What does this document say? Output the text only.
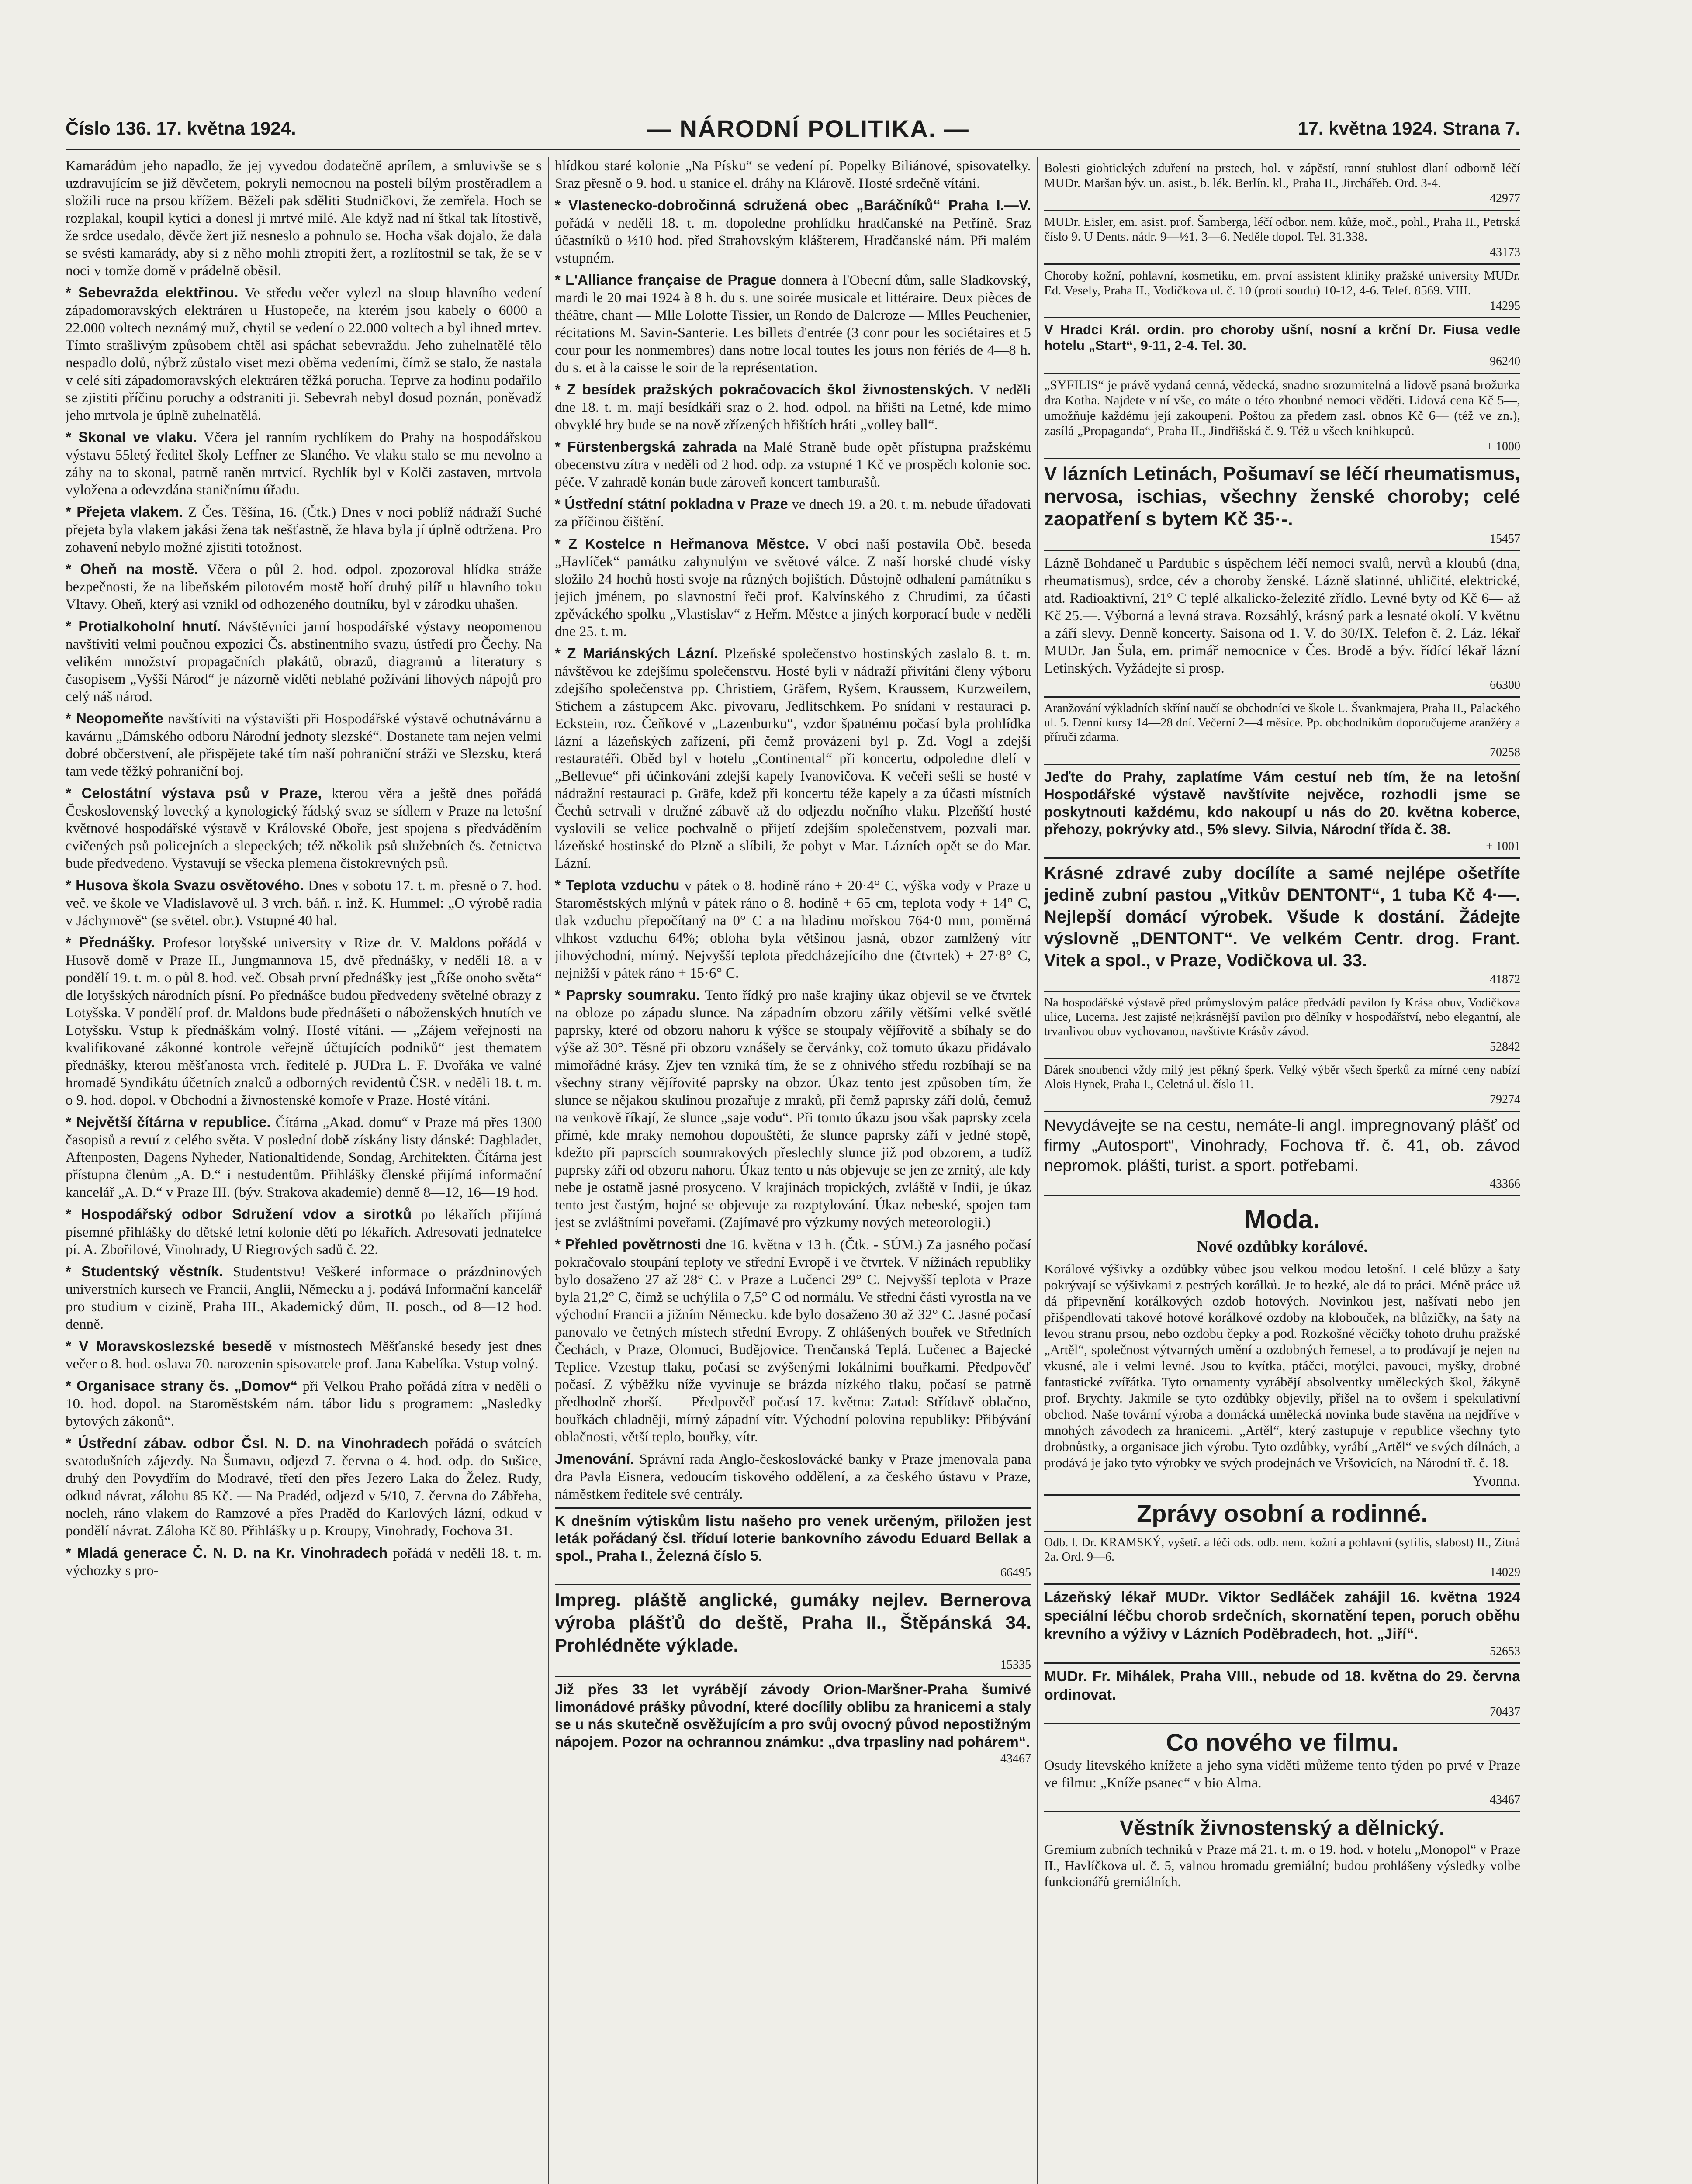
Číslo 136. 17. května 1924.	— NÁRODNÍ POLITIKA. —	17. května 1924. Strana 7.

Kamarádům jeho napadlo, že jej vyvedou dodatečně aprílem, a smluvivše se s uzdravujícím se již děvčetem, pokryli nemocnou na posteli bílým prostěradlem a složili ruce na prsou křížem. Běželi pak sděliti Studničkovi, že zemřela. Hoch se rozplakal, koupil kytici a donesl ji mrtvé milé. Ale když nad ní štkal tak lítostivě, že srdce usedalo, děvče žert již nesneslo a pohnulo se. Hocha však dojalo, že dala se svésti kamarády, aby si z něho mohli ztropiti žert, a rozlítostnil se tak, že se v noci v tomže domě v prádelně oběsil.

* Sebevražda elektřinou. Ve středu večer vylezl na sloup hlavního vedení západomoravských elektráren u Hustopeče, na kterém jsou kabely o 6000 a 22.000 voltech neznámý muž, chytil se vedení o 22.000 voltech a byl ihned mrtev. Tímto strašlivým způsobem chtěl asi spáchat sebevraždu. Jeho zuhelnatělé tělo nespadlo dolů, nýbrž zůstalo viset mezi oběma vedeními, čímž se stalo, že nastala v celé síti západomoravských elektráren těžká porucha. Teprve za hodinu podařilo se zjistiti příčinu poruchy a odstraniti ji. Sebevrah nebyl dosud poznán, poněvadž jeho mrtvola je úplně zuhelnatělá.

* Skonal ve vlaku. Včera jel ranním rychlíkem do Prahy na hospodářskou výstavu 55letý ředitel školy Leffner ze Slaného. Ve vlaku stalo se mu nevolno a záhy na to skonal, patrně raněn mrtvicí. Rychlík byl v Kolči zastaven, mrtvola vyložena a odevzdána staničnímu úřadu.

* Přejeta vlakem. Z Čes. Těšína, 16. (Čtk.) Dnes v noci poblíž nádraží Suché přejeta byla vlakem jakási žena tak nešťastně, že hlava byla jí úplně odtržena. Pro zohavení nebylo možné zjistiti totožnost.

* Oheň na mostě. Včera o půl 2. hod. odpol. zpozoroval hlídka stráže bezpečnosti, že na libeňském pilotovém mostě hoří druhý pilíř u hlavního toku Vltavy. Oheň, který asi vznikl od odhozeného doutníku, byl v zárodku uhašen.

* Protialkoholní hnutí. Návštěvníci jarní hospodářské výstavy neopomenou navštíviti velmi poučnou expozici Čs. abstinentního svazu, ústředí pro Čechy. Na velikém množství propagačních plakátů, obrazů, diagramů a literatury s časopisem „Vyšší Národ“ je názorně viděti neblahé požívání lihových nápojů pro celý náš národ.

* Neopomeňte navštíviti na výstavišti při Hospodářské výstavě ochutnávárnu a kavárnu „Dámského odboru Národní jednoty slezské“. Dostanete tam nejen velmi dobré občerstvení, ale přispějete také tím naší pohraniční stráži ve Slezsku, která tam vede těžký pohraniční boj.

* Celostátní výstava psů v Praze, kterou věra a ještě dnes pořádá Československý lovecký a kynologický řádský svaz se sídlem v Praze na letošní květnové hospodářské výstavě v Královské Oboře, jest spojena s předváděním cvičených psů policejních a slepeckých; též několik psů služebních čs. četnictva bude předvedeno. Vystavují se všecka plemena čistokrevných psů.

* Husova škola Svazu osvětového. Dnes v sobotu 17. t. m. přesně o 7. hod. več. ve škole ve Vladislavově ul. 3 vrch. báň. r. inž. K. Hummel: „O výrobě radia v Jáchymově“ (se světel. obr.). Vstupné 40 hal.

* Přednášky. Profesor lotyšské university v Rize dr. V. Maldons pořádá v Husově domě v Praze II., Jungmannova 15, dvě přednášky, v neděli 18. a v pondělí 19. t. m. o půl 8. hod. več. Obsah první přednášky jest „Říše onoho světa“ dle lotyšských národních písní. Po přednášce budou předvedeny světelné obrazy z Lotyšska. V pondělí prof. dr. Maldons bude přednášeti o náboženských hnutích ve Lotyšsku. Vstup k přednáškám volný. Hosté vítáni. — „Zájem veřejnosti na kvalifikované zákonné kontrole veřejně účtujících podniků“ jest thematem přednášky, kterou měšťanosta vrch. ředitelé p. JUDra L. F. Dvořáka ve valné hromadě Syndikátu účetních znalců a odborných revidentů ČSR. v neděli 18. t. m. o 9. hod. dopol. v Obchodní a živnostenské komoře v Praze. Hosté vítáni.

* Největší čítárna v republice. Čítárna „Akad. domu“ v Praze má přes 1300 časopisů a revuí z celého světa. V poslední době získány listy dánské: Dagbladet, Aftenposten, Dagens Nyheder, Nationaltidende, Sondag, Architekten. Čítárna jest přístupna členům „A. D.“ i nestudentům. Přihlášky členské přijímá informační kancelář „A. D.“ v Praze III. (býv. Strakova akademie) denně 8—12, 16—19 hod.

* Hospodářský odbor Sdružení vdov a sirotků po lékařích přijímá písemné přihlášky do dětské letní kolonie dětí po lékařích. Adresovati jednatelce pí. A. Zbořilové, Vinohrady, U Riegrových sadů č. 22.

* Studentský věstník. Studentstvu! Veškeré informace o prázdninových universtních kursech ve Francii, Anglii, Německu a j. podává Informační kancelář pro studium v cizině, Praha III., Akademický dům, II. posch., od 8—12 hod. denně.

* V Moravskoslezské besedě v místnostech Měšťanské besedy jest dnes večer o 8. hod. oslava 70. narozenin spisovatele prof. Jana Kabelíka. Vstup volný.

* Organisace strany čs. „Domov“ při Velkou Praho pořádá zítra v neděli o 10. hod. dopol. na Staroměstském nám. tábor lidu s programem: „Nasledky bytových zákonů“.

* Ústřední zábav. odbor Čsl. N. D. na Vinohradech pořádá o svátcích svatodušních zájezdy. Na Šumavu, odjezd 7. června o 4. hod. odp. do Sušice, druhý den Povydřím do Modravé, třetí den přes Jezero Laka do Želez. Rudy, odkud návrat, zálohu 85 Kč. — Na Pradéd, odjezd v 5/10, 7. června do Zábřeha, nocleh, ráno vlakem do Ramzové a přes Praděd do Karlových lázní, odkud v pondělí návrat. Záloha Kč 80. Přihlášky u p. Kroupy, Vinohrady, Fochova 31.

* Mladá generace Č. N. D. na Kr. Vinohradech pořádá v neděli 18. t. m. výchozky s pro-

hlídkou staré kolonie „Na Písku“ se vedení pí. Popelky Biliánové, spisovatelky. Sraz přesně o 9. hod. u stanice el. dráhy na Klárově. Hosté srdečně vítáni.

* Vlastenecko-dobročinná sdružená obec „Baráčníků“ Praha I.—V. pořádá v neděli 18. t. m. dopoledne prohlídku hradčanské na Petříně. Sraz účastníků o ½10 hod. před Strahovským klášterem, Hradčanské nám. Při malém vstupném.

* L'Alliance française de Prague donnera à l'Obecní dům, salle Sladkovský, mardi le 20 mai 1924 à 8 h. du s. une soirée musicale et littéraire. Deux pièces de théâtre, chant — Mlle Lolotte Tissier, un Rondo de Dalcroze — Mlles Peuchenier, récitations M. Savin-Santerie. Les billets d'entrée (3 conr pour les sociétaires et 5 cour pour les nonmembres) dans notre local toutes les jours non fériés de 4—8 h. du s. et à la caisse le soir de la représentation.

* Z besídek pražských pokračovacích škol živnostenských. V neděli dne 18. t. m. mají besídkáři sraz o 2. hod. odpol. na hřišti na Letné, kde mimo obvyklé hry bude se na nově zřízených hřištích hráti „volley ball“.

* Fürstenbergská zahrada na Malé Straně bude opět přístupna pražskému obecenstvu zítra v neděli od 2 hod. odp. za vstupné 1 Kč ve prospěch kolonie soc. péče. V zahradě konán bude zároveň koncert tamburašů.

* Ústřední státní pokladna v Praze ve dnech 19. a 20. t. m. nebude úřadovati za příčinou čištění.

* Z Kostelce n Heřmanova Městce. V obci naší postavila Obč. beseda „Havlíček“ památku zahynulým ve světové válce. Z naší horské chudé vísky složilo 24 hochů hosti svoje na různých bojištích. Důstojně odhalení památníku s jejich jménem, po slavnostní řeči prof. Kalvínského z Chrudimi, za účasti zpěváckého spolku „Vlastislav“ z Heřm. Městce a jiných korporací bude v neděli dne 25. t. m.

* Z Mariánských Lázní. Plzeňské společenstvo hostinských zaslalo 8. t. m. návštěvou ke zdejšímu společenstvu. Hosté byli v nádraží přivítáni členy výboru zdejšího společenstva pp. Christiem, Gräfem, Ryšem, Kraussem, Kurzweilem, Stichem a zástupcem Akc. pivovaru, Jedlitschkem. Po snídani v restauraci p. Eckstein, roz. Čeňkové v „Lazenburku“, vzdor špatnému počasí byla prohlídka lázní a lázeňských zařízení, při čemž provázeni byl p. Zd. Vogl a zdejší restauratéři. Oběd byl v hotelu „Continental“ při koncertu, odpoledne dlelí v „Bellevue“ při účinkování zdejší kapely Ivanovičova. K večeři sešli se hosté v nádražní restauraci p. Gräfe, kdež při koncertu téže kapely a za účasti místních Čechů setrvali v družné zábavě až do odjezdu nočního vlaku. Plzeňští hosté vyslovili se velice pochvalně o přijetí zdejším společenstvem, pozvali mar. lázeňské hostinské do Plzně a slíbili, že pobyt v Mar. Lázních opět se do Mar. Lázní.

* Teplota vzduchu v pátek o 8. hodině ráno + 20·4° C, výška vody v Praze u Staroměstských mlýnů v pátek ráno o 8. hodině + 65 cm, teplota vody + 14° C, tlak vzduchu přepočítaný na 0° C a na hladinu mořskou 764·0 mm, poměrná vlhkost vzduchu 64%; obloha byla většinou jasná, obzor zamlžený vítr jihovýchodní, mírný. Nejvyšší teplota předcházejícího dne (čtvrtek) + 27·8° C, nejnižší v pátek ráno + 15·6° C.

* Paprsky soumraku. Tento řídký pro naše krajiny úkaz objevil se ve čtvrtek na obloze po západu slunce. Na západním obzoru zářily většími velké světlé paprsky, které od obzoru nahoru k výšce se stoupaly vějířovitě a sbíhaly se do výše až 30°. Těsně při obzoru vznášely se červánky, což tomuto úkazu přidávalo mimořádné krásy. Zjev ten vzniká tím, že se z ohnivého středu rozbíhají se na všechny strany vějířovité paprsky na obzor. Úkaz tento jest způsoben tím, že slunce se nějakou skulinou prozařuje z mraků, při čemž paprsky září dolů, čemuž na venkově říkají, že slunce „saje vodu“. Při tomto úkazu jsou však paprsky zcela přímé, kde mraky nemohou dopouštěti, že slunce paprsky září v jedné stopě, kdežto při paprscích soumrakových přeslechly slunce již pod obzorem, a tudíž paprsky září od obzoru nahoru. Úkaz tento u nás objevuje se jen ze zrnitý, ale kdy nebe je ostatně jasné prosyceno. V krajinách tropických, zvláště v Indii, je úkaz tento jest častým, hojné se objevuje za rozptylování. Úkaz nebeské, spojen tam jest se zvláštními poveřami. (Zajímavé pro výzkumy nových meteorologii.)

* Přehled povětrnosti dne 16. května v 13 h. (Čtk. - SÚM.) Za jasného počasí pokračovalo stoupání teploty ve střední Evropě i ve čtvrtek. V nížinách republiky bylo dosaženo 27 až 28° C. v Praze a Lučenci 29° C. Nejvyšší teplota v Praze byla 21,2° C, čímž se uchýlila o 7,5° C od normálu. Ve střední části vyrostla na ve východní Francii a jižním Německu. kde bylo dosaženo 30 až 32° C. Jasné počasí panovalo ve četných místech střední Evropy. Z ohlášených bouřek ve Středních Čechách, v Praze, Olomuci, Budějovice. Trenčanská Teplá. Lučenec a Bajecké Teplice. Vzestup tlaku, počasí se zvýšenými lokálními bouřkami. Předpověď počasí. Z výběžku níže vyvinuje se brázda nízkého tlaku, počasí se patrně předhodně zhorší. — Předpověď počasí 17. května: Zatad: Střídavě oblačno, bouřkách chladněji, mírný západní vítr. Východní polovina republiky: Přibývání oblačnosti, větší teplo, bouřky, vítr.

Jmenování. Správní rada Anglo-českoslovácké banky v Praze jmenovala pana dra Pavla Eisnera, vedoucím tiskového oddělení, a za českého ústavu v Praze, náměstkem ředitele své centrály.

K dnešním výtiskům listu našeho pro venek určeným, přiložen jest leták pořádaný čsl. tříduí loterie bankovního závodu Eduard Bellak a spol., Praha I., Železná číslo 5.

66495

Impreg. pláště anglické, gumáky nejlev. Bernerova výroba plášťů do deště, Praha II., Štěpánská 34. Prohlédněte výklade.

15335

Již přes 33 let vyrábějí závody Orion-Maršner-Praha šumivé limonádové prášky původní, které docílily oblibu za hranicemi a staly se u nás skutečně osvěžujícím a pro svůj ovocný původ nepostižným nápojem. Pozor na ochrannou známku: „dva trpasliny nad pohárem“.

43467

Bolesti giohtických zduření na prstech, hol. v zápěstí, ranní stuhlost dlaní odborně léčí MUDr. Maršan býv. un. asist., b. lék. Berlín. kl., Praha II., Jirchářeb. Ord. 3-4.

42977

MUDr. Eisler, em. asist. prof. Šamberga, léčí odbor. nem. kůže, moč., pohl., Praha II., Petrská číslo 9. U Dents. nádr. 9—½1, 3—6. Neděle dopol. Tel. 31.338.

43173

Choroby kožní, pohlavní, kosmetiku, em. první assistent kliniky pražské university MUDr. Ed. Vesely, Praha II., Vodičkova ul. č. 10 (proti soudu) 10-12, 4-6. Telef. 8569. VIII.

14295

V Hradci Král. ordin. pro choroby ušní, nosní a krční Dr. Fiusa vedle hotelu „Start“, 9-11, 2-4. Tel. 30.

96240

„SYFILIS“ je právě vydaná cenná, vědecká, snadno srozumitelná a lidově psaná brožurka dra Kotha. Najdete v ní vše, co máte o této zhoubné nemoci věděti. Lidová cena Kč 5—, umožňuje každému její zakoupení. Poštou za předem zasl. obnos Kč 6— (též ve zn.), zasílá „Propaganda“, Praha II., Jindřišská č. 9. Též u všech knihkupců.

+ 1000

V lázních Letinách, Pošumaví se léčí rheumatismus, nervosa, ischias, všechny ženské choroby; celé zaopatření s bytem Kč 35·-.

15457

Lázně Bohdaneč u Pardubic s úspěchem léčí nemoci svalů, nervů a kloubů (dna, rheumatismus), srdce, cév a choroby ženské. Lázně slatinné, uhličité, elektrické, atd. Radioaktivní, 21° C teplé alkalicko-železité zřídlo. Levné byty od Kč 6— až Kč 25.—. Výborná a levná strava. Rozsáhlý, krásný park a lesnaté okolí. V květnu a září slevy. Denně koncerty. Saisona od 1. V. do 30/IX. Telefon č. 2. Láz. lékař MUDr. Jan Šula, em. primář nemocnice v Čes. Brodě a býv. řídící lékař lázní Letinských. Vyžádejte si prosp.

66300

Aranžování výkladních skříní naučí se obchodníci ve škole L. Švankmajera, Praha II., Palackého ul. 5. Denní kursy 14—28 dní. Večerní 2—4 měsíce. Pp. obchodníkům doporučujeme aranžéry a příruči zdarma.

70258

Jeďte do Prahy, zaplatíme Vám cestuí neb tím, že na letošní Hospodářské výstavě navštívite nejvěce, rozhodli jsme se poskytnouti každému, kdo nakoupí u nás do 20. května koberce, přehozy, pokrývky atd., 5% slevy. Silvia, Národní třída č. 38.

+ 1001

Krásné zdravé zuby docílíte a samé nejlépe ošetříte jedině zubní pastou „Vitkův DENTONT“, 1 tuba Kč 4·—. Nejlepší domácí výrobek. Všude k dostání. Žádejte výslovně „DENTONT“. Ve velkém Centr. drog. Frant. Vitek a spol., v Praze, Vodičkova ul. 33.

41872

Na hospodářské výstavě před průmyslovým paláce předvádí pavilon fy Krása obuv, Vodičkova ulice, Lucerna. Jest zajisté nejkrásnější pavilon pro dělníky v hospodářství, nebo elegantní, ale trvanlivou obuv vychovanou, navštivte Krásův závod.

52842

Dárek snoubenci vždy milý jest pěkný šperk. Velký výběr všech šperků za mírné ceny nabízí Alois Hynek, Praha I., Celetná ul. číslo 11.

79274

Nevydávejte se na cestu, nemáte-li angl. impregnovaný plášť od firmy „Autosport“, Vinohrady, Fochova tř. č. 41, ob. závod nepromok. plášti, turist. a sport. potřebami.

43366

Moda.
Nové ozdůbky korálové.

Korálové výšivky a ozdůbky vůbec jsou velkou modou letošní. I celé blůzy a šaty pokrývají se výšivkami z pestrých korálků. Je to hezké, ale dá to práci. Méně práce už dá připevnění korálkových ozdob hotových. Novinkou jest, našívati nebo jen přišpendlovati takové hotové korálkové ozdoby na klobouček, na blůzičky, na šaty na levou stranu prsou, nebo ozdobu čepky a pod. Rozkošné věcičky tohoto druhu pražské „Artěl“, společnost výtvarných umění a ozdobných řemesel, a to prodávají je nejen na vkusné, ale i velmi levné. Jsou to kvítka, ptáčci, motýlci, pavouci, myšky, drobné fantastické zvířátka. Tyto ornamenty vyrábějí absolventky uměleckých škol, žákyně prof. Brychty. Jakmile se tyto ozdůbky objevily, přišel na to ovšem i spekulativní obchod. Naše tovární výroba a domácká umělecká novinka bude stavěna na nejdříve v mnohých závodech za hranicemi. „Artěl“, který zastupuje v republice všechny tyto drobnůstky, a organisace jich výrobu. Tyto ozdůbky, vyrábí „Artěl“ ve svých dílnách, a prodává je jako tyto výrobky ve svých prodejnách ve Vršovicích, na Národní tř. č. 18.

Yvonna.

Zprávy osobní a rodinné.

Odb. l. Dr. KRAMSKÝ, vyšetř. a léčí ods. odb. nem. kožní a pohlavní (syfilis, slabost) II., Zitná 2a. Ord. 9—6.

14029

Lázeňský lékař MUDr. Viktor Sedláček zahájil 16. května 1924 speciální léčbu chorob srdečních, skornatění tepen, poruch oběhu krevního a výživy v Lázních Poděbradech, hot. „Jiří“.

52653

MUDr. Fr. Mihálek, Praha VIII., nebude od 18. května do 29. června ordinovat.

70437

Co nového ve filmu.

Osudy litevského knížete a jeho syna viděti můžeme tento týden po prvé v Praze ve filmu: „Kníže psanec“ v bio Alma.

43467

Věstník živnostenský a dělnický.

Gremium zubních techniků v Praze má 21. t. m. o 19. hod. v hotelu „Monopol“ v Praze II., Havlíčkova ul. č. 5, valnou hromadu gremiální; budou prohlášeny výsledky volbe funkcionářů gremiálních.
